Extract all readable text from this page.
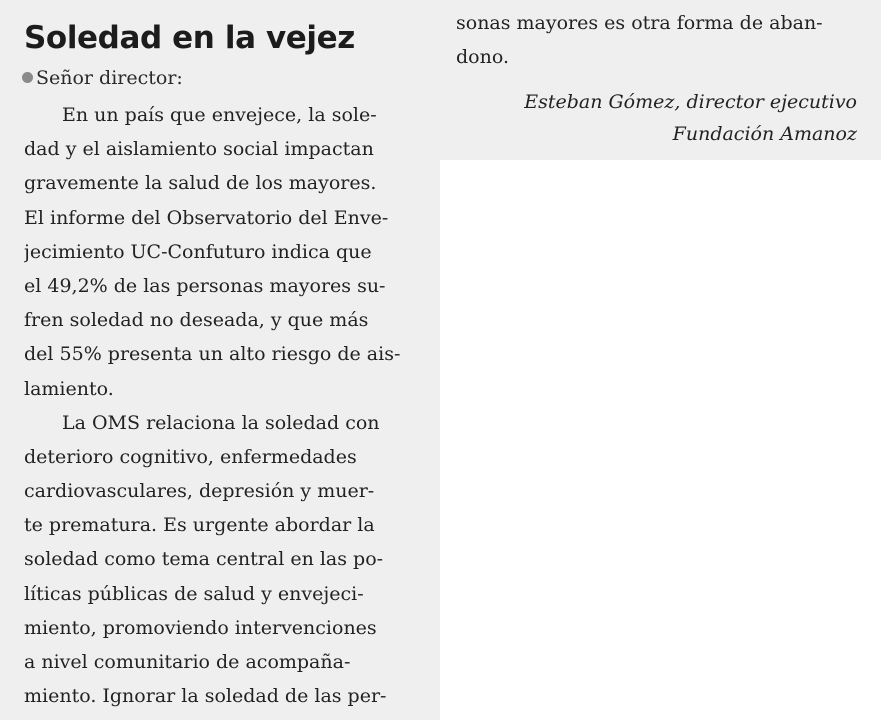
Soledad en la vejez
Señor director:
En un país que envejece, la sole-
dad y el aislamiento social impactan
gravemente la salud de los mayores.
El informe del Observatorio del Enve-
jecimiento UC-Confuturo indica que
el 49,2% de las personas mayores su-
fren soledad no deseada, y que más
del 55% presenta un alto riesgo de ais-
lamiento.
La OMS relaciona la soledad con
deterioro cognitivo, enfermedades
cardiovasculares, depresión y muer-
te prematura. Es urgente abordar la
soledad como tema central en las po-
líticas públicas de salud y envejeci-
miento, promoviendo intervenciones
a nivel comunitario de acompaña-
miento. Ignorar la soledad de las per-
sonas mayores es otra forma de aban-
dono.
Esteban Gómez, director ejecutivo
Fundación Amanoz
